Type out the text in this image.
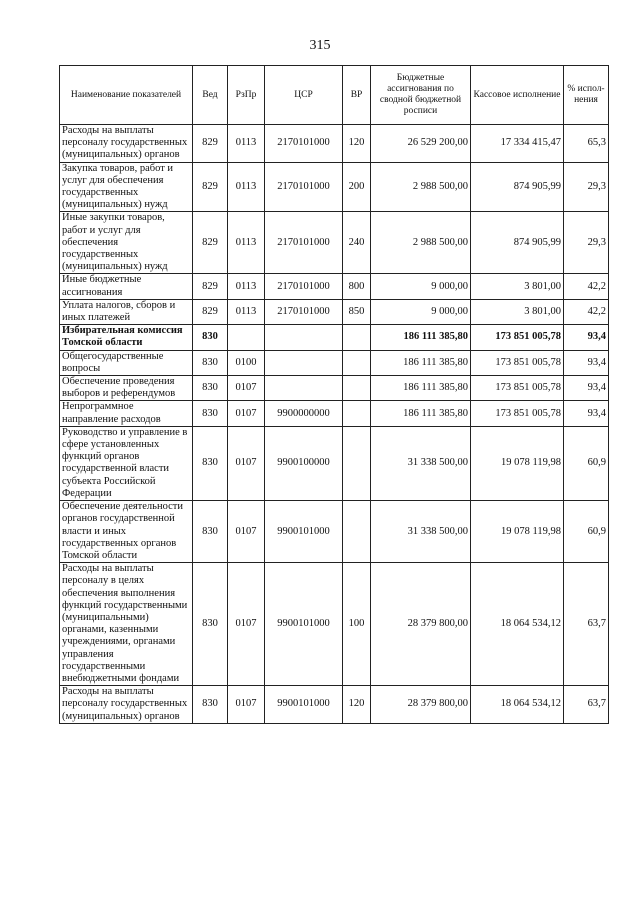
315
Наименование показателей	Вед	РзПр	ЦСР	ВР	Бюджетные ассигнования по сводной бюджетной росписи	Кассовое исполнение	% испол-нения
Расходы на выплаты персоналу государственных (муниципальных) органов	829	0113	2170101000	120	26 529 200,00	17 334 415,47	65,3
Закупка товаров, работ и услуг для обеспечения государственных (муниципальных) нужд	829	0113	2170101000	200	2 988 500,00	874 905,99	29,3
Иные закупки товаров, работ и услуг для обеспечения государственных (муниципальных) нужд	829	0113	2170101000	240	2 988 500,00	874 905,99	29,3
Иные бюджетные ассигнования	829	0113	2170101000	800	9 000,00	3 801,00	42,2
Уплата налогов, сборов и иных платежей	829	0113	2170101000	850	9 000,00	3 801,00	42,2
Избирательная комиссия Томской области	830				186 111 385,80	173 851 005,78	93,4
Общегосударственные вопросы	830	0100			186 111 385,80	173 851 005,78	93,4
Обеспечение проведения выборов и референдумов	830	0107			186 111 385,80	173 851 005,78	93,4
Непрограммное направление расходов	830	0107	9900000000		186 111 385,80	173 851 005,78	93,4
Руководство и управление в сфере установленных функций органов государственной власти субъекта Российской Федерации	830	0107	9900100000		31 338 500,00	19 078 119,98	60,9
Обеспечение деятельности органов государственной власти и иных государственных органов Томской области	830	0107	9900101000		31 338 500,00	19 078 119,98	60,9
Расходы на выплаты персоналу в целях обеспечения выполнения функций государственными (муниципальными) органами, казенными учреждениями, органами управления государственными внебюджетными фондами	830	0107	9900101000	100	28 379 800,00	18 064 534,12	63,7
Расходы на выплаты персоналу государственных (муниципальных) органов	830	0107	9900101000	120	28 379 800,00	18 064 534,12	63,7
